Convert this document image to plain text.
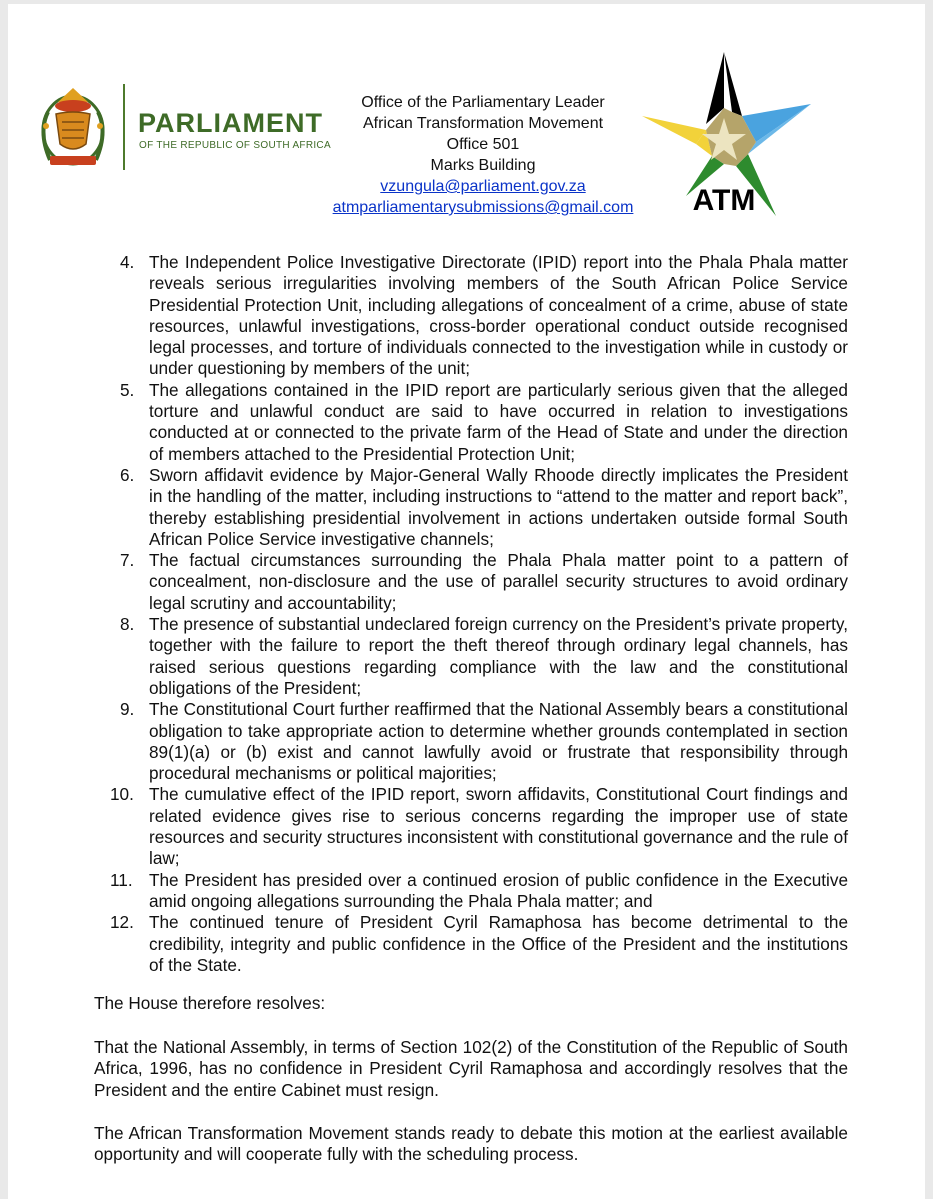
PARLIAMENT
OF THE REPUBLIC OF SOUTH AFRICA
Office of the Parliamentary Leader
African Transformation Movement
Office 501
Marks Building
vzungula@parliament.gov.za
atmparliamentarysubmissions@gmail.com	ATM
4. The Independent Police Investigative Directorate (IPID) report into the Phala Phala matter reveals serious irregularities involving members of the South African Police Service Presidential Protection Unit, including allegations of concealment of a crime, abuse of state resources, unlawful investigations, cross-border operational conduct outside recognised legal processes, and torture of individuals connected to the investigation while in custody or under questioning by members of the unit;
5. The allegations contained in the IPID report are particularly serious given that the alleged torture and unlawful conduct are said to have occurred in relation to investigations conducted at or connected to the private farm of the Head of State and under the direction of members attached to the Presidential Protection Unit;
6. Sworn affidavit evidence by Major-General Wally Rhoode directly implicates the President in the handling of the matter, including instructions to “attend to the matter and report back”, thereby establishing presidential involvement in actions undertaken outside formal South African Police Service investigative channels;
7. The factual circumstances surrounding the Phala Phala matter point to a pattern of concealment, non-disclosure and the use of parallel security structures to avoid ordinary legal scrutiny and accountability;
8. The presence of substantial undeclared foreign currency on the President’s private property, together with the failure to report the theft thereof through ordinary legal channels, has raised serious questions regarding compliance with the law and the constitutional obligations of the President;
9. The Constitutional Court further reaffirmed that the National Assembly bears a constitutional obligation to take appropriate action to determine whether grounds contemplated in section 89(1)(a) or (b) exist and cannot lawfully avoid or frustrate that responsibility through procedural mechanisms or political majorities;
10. The cumulative effect of the IPID report, sworn affidavits, Constitutional Court findings and related evidence gives rise to serious concerns regarding the improper use of state resources and security structures inconsistent with constitutional governance and the rule of law;
11. The President has presided over a continued erosion of public confidence in the Executive amid ongoing allegations surrounding the Phala Phala matter; and
12. The continued tenure of President Cyril Ramaphosa has become detrimental to the credibility, integrity and public confidence in the Office of the President and the institutions of the State.

The House therefore resolves:

That the National Assembly, in terms of Section 102(2) of the Constitution of the Republic of South Africa, 1996, has no confidence in President Cyril Ramaphosa and accordingly resolves that the President and the entire Cabinet must resign.

The African Transformation Movement stands ready to debate this motion at the earliest available opportunity and will cooperate fully with the scheduling process.
